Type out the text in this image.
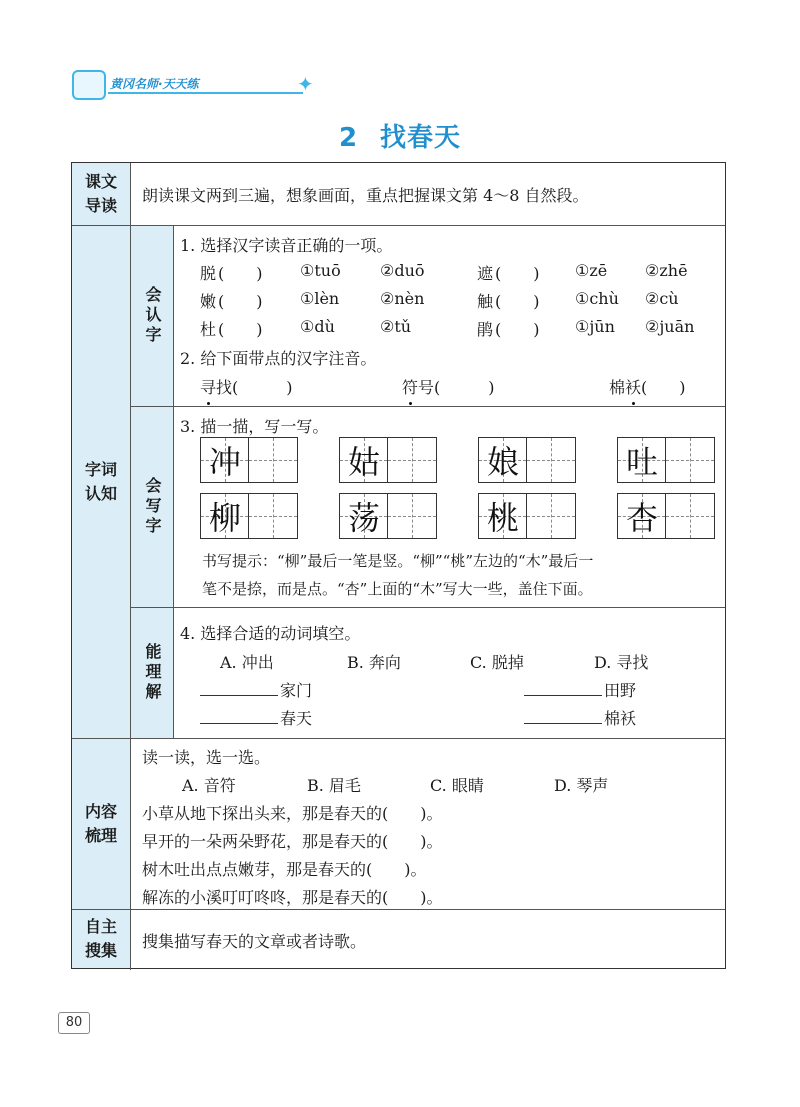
黄冈名师·天天练	✦
2 找春天
课文
导读
朗读课文两到三遍，想象画面，重点把握课文第 4～8 自然段。
字词
认知
会认字
1. 选择汉字读音正确的一项。
脱 (　　) ①tuō ②duō	遮 (　　) ①zē ②zhē
嫩 (　　) ①lèn	②nèn	触 (　　) ①chù ②cù
杜 (　　) ①dù	②tǔ	鹃 (　　) ①jūn ②juān
2. 给下面带点的汉字注音。
寻找(　　　)	符号(　　　)	棉袄(　　)
会写字
3. 描一描，写一写。
冲	姑	娘	吐
柳	荡	桃	杏
书写提示：“柳”最后一笔是竖。“柳”“桃”左边的“木”最后一
笔不是捺，而是点。“杏”上面的“木”写大一些，盖住下面。
能理解
4. 选择合适的动词填空。
A. 冲出	B. 奔向	C. 脱掉	D. 寻找
家门	田野
春天	棉袄
内容
梳理
读一读，选一选。
A. 音符	B. 眉毛	C. 眼睛	D. 琴声
小草从地下探出头来，那是春天的(　　)。
早开的一朵两朵野花，那是春天的(　　)。
树木吐出点点嫩芽，那是春天的(　　)。
解冻的小溪叮叮咚咚，那是春天的(　　)。
自主
搜集 搜集描写春天的文章或者诗歌。
80
